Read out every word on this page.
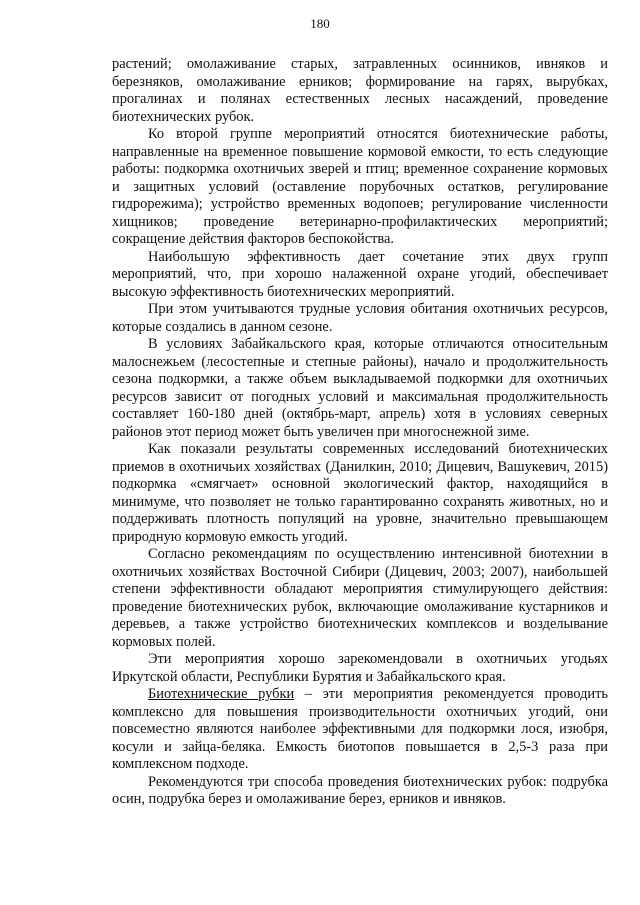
180

растений; омолаживание старых, затравленных осинников, ивняков и березняков, омолаживание ерников; формирование на гарях, вырубках, прогалинах и полянах естественных лесных насаждений, проведение биотехнических рубок.

Ко второй группе мероприятий относятся биотехнические работы, направленные на временное повышение кормовой емкости, то есть следующие работы: подкормка охотничьих зверей и птиц; временное сохранение кормовых и защитных условий (оставление порубочных остатков, регулирование гидрорежима); устройство временных водопоев; регулирование численности хищников; проведение ветеринарно-профилактических мероприятий; сокращение действия факторов беспокойства.

Наибольшую эффективность дает сочетание этих двух групп мероприятий, что, при хорошо налаженной охране угодий, обеспечивает высокую эффективность биотехнических мероприятий.

При этом учитываются трудные условия обитания охотничьих ресурсов, которые создались в данном сезоне.

В условиях Забайкальского края, которые отличаются относительным малоснежьем (лесостепные и степные районы), начало и продолжительность сезона подкормки, а также объем выкладываемой подкормки для охотничьих ресурсов зависит от погодных условий и максимальная продолжительность составляет 160-180 дней (октябрь-март, апрель) хотя в условиях северных районов этот период может быть увеличен при многоснежной зиме.

Как показали результаты современных исследований биотехнических приемов в охотничьих хозяйствах (Данилкин, 2010; Дицевич, Вашукевич, 2015) подкормка «смягчает» основной экологический фактор, находящийся в минимуме, что позволяет не только гарантированно сохранять животных, но и поддерживать плотность популяций на уровне, значительно превышающем природную кормовую емкость угодий.

Согласно рекомендациям по осуществлению интенсивной биотехнии в охотничьих хозяйствах Восточной Сибири (Дицевич, 2003; 2007), наибольшей степени эффективности обладают мероприятия стимулирующего действия: проведение биотехнических рубок, включающие омолаживание кустарников и деревьев, а также устройство биотехнических комплексов и возделывание кормовых полей.

Эти мероприятия хорошо зарекомендовали в охотничьих угодьях Иркутской области, Республики Бурятия и Забайкальского края.

Биотехнические рубки – эти мероприятия рекомендуется проводить комплексно для повышения производительности охотничьих угодий, они повсеместно являются наиболее эффективными для подкормки лося, изюбря, косули и зайца-беляка. Емкость биотопов повышается в 2,5-3 раза при комплексном подходе.

Рекомендуются три способа проведения биотехнических рубок: подрубка осин, подрубка берез и омолаживание берез, ерников и ивняков.
